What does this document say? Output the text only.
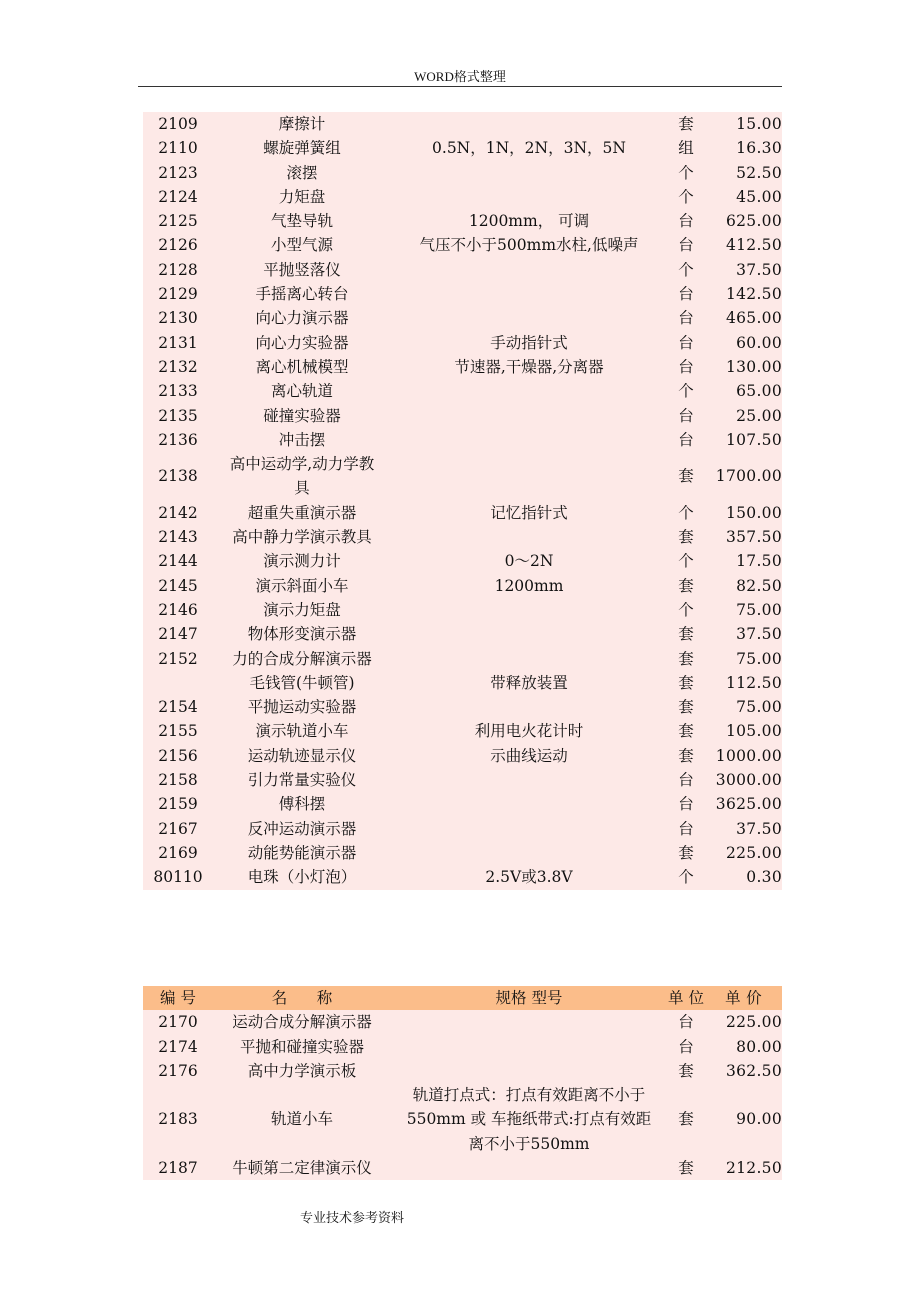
WORD格式整理
2109	摩擦计		套	15.00
2110	螺旋弹簧组	0.5N，1N，2N，3N，5N	组	16.30
2123	滚摆		个	52.50
2124	力矩盘		个	45.00
2125	气垫导轨	1200mm， 可调	台	625.00
2126	小型气源	气压不小于500mm水柱,低噪声	台	412.50
2128	平抛竖落仪		个	37.50
2129	手摇离心转台		台	142.50
2130	向心力演示器		台	465.00
2131	向心力实验器	手动指针式	台	60.00
2132	离心机械模型	节速器,干燥器,分离器	台	130.00
2133	离心轨道		个	65.00
2135	碰撞实验器		台	25.00
2136	冲击摆		台	107.50
2138	高中运动学,动力学教
具		套	1700.00
2142	超重失重演示器	记忆指针式	个	150.00
2143	高中静力学演示教具		套	357.50
2144	演示测力计	0～2N	个	17.50
2145	演示斜面小车	1200mm	套	82.50
2146	演示力矩盘		个	75.00
2147	物体形变演示器		套	37.50
2152	力的合成分解演示器		套	75.00
	毛钱管(牛顿管)	带释放装置	套	112.50
2154	平抛运动实验器		套	75.00
2155	演示轨道小车	利用电火花计时	套	105.00
2156	运动轨迹显示仪	示曲线运动	套	1000.00
2158	引力常量实验仪		台	3000.00
2159	傅科摆		台	3625.00
2167	反冲运动演示器		台	37.50
2169	动能势能演示器		套	225.00
80110	电珠（小灯泡）	2.5V或3.8V	个	0.30
编 号	名      称	规格 型号	单 位	单 价
2170	运动合成分解演示器		台	225.00
2174	平抛和碰撞实验器		台	80.00
2176	高中力学演示板		套	362.50
2183	轨道小车	轨道打点式：打点有效距离不小于
550mm 或 车拖纸带式:打点有效距
离不小于550mm	套	90.00
2187	牛顿第二定律演示仪		套	212.50
专业技术参考资料
